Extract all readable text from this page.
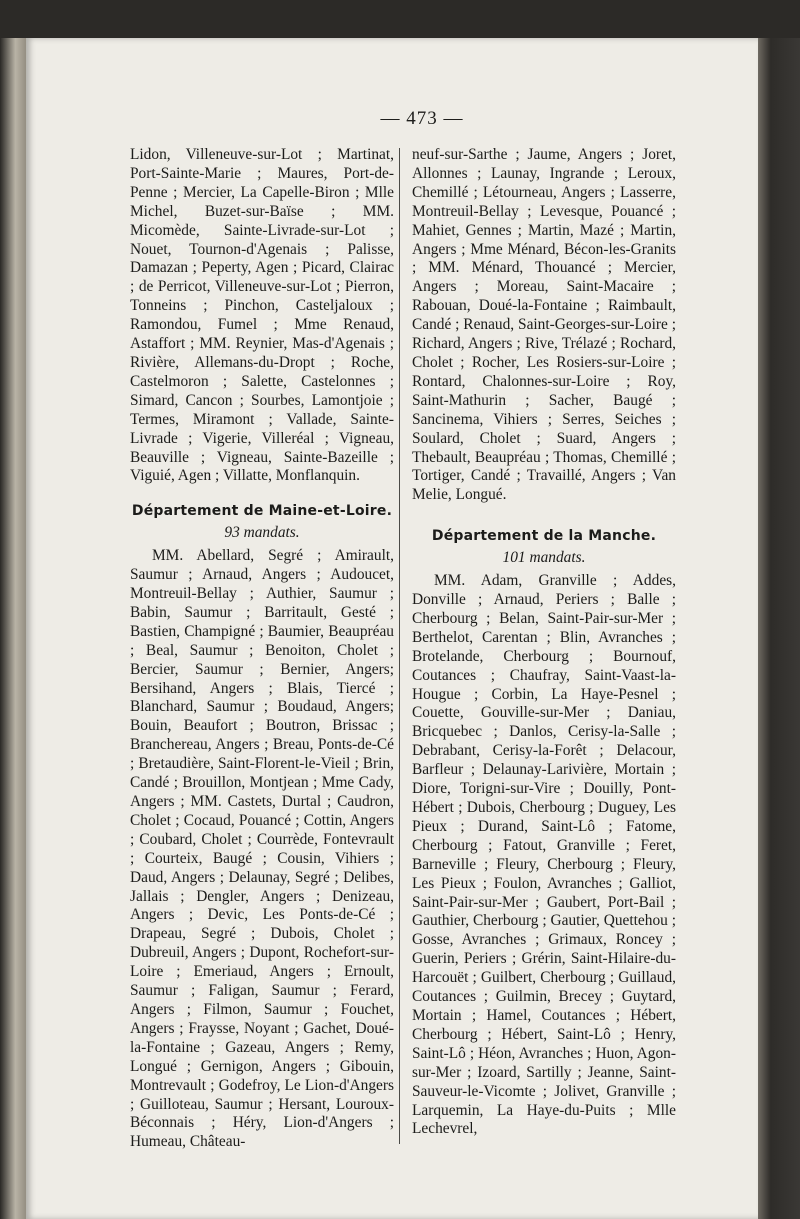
— 473 —

Lidon, Villeneuve-sur-Lot ; Martinat, Port-Sainte-Marie ; Maures, Port-de-Penne ; Mercier, La Capelle-Biron ; Mlle Michel, Buzet-sur-Baïse ; MM. Micomède, Sainte-Livrade-sur-Lot ; Nouet, Tournon-d'Agenais ; Palisse, Damazan ; Peperty, Agen ; Picard, Clairac ; de Perricot, Villeneuve-sur-Lot ; Pierron, Tonneins ; Pinchon, Casteljaloux ; Ramondou, Fumel ; Mme Renaud, Astaffort ; MM. Reynier, Mas-d'Agenais ; Rivière, Allemans-du-Dropt ; Roche, Castelmoron ; Salette, Castelonnes ; Simard, Cancon ; Sourbes, Lamontjoie ; Termes, Miramont ; Vallade, Sainte-Livrade ; Vigerie, Villeréal ; Vigneau, Beauville ; Vigneau, Sainte-Bazeille ; Viguié, Agen ; Villatte, Monflanquin.

Département de Maine-et-Loire.
93 mandats.

MM. Abellard, Segré ; Amirault, Saumur ; Arnaud, Angers ; Audoucet, Montreuil-Bellay ; Authier, Saumur ; Babin, Saumur ; Barritault, Gesté ; Bastien, Champigné ; Baumier, Beaupréau ; Beal, Saumur ; Benoiton, Cholet ; Bercier, Saumur ; Bernier, Angers; Bersihand, Angers ; Blais, Tiercé ; Blanchard, Saumur ; Boudaud, Angers; Bouin, Beaufort ; Boutron, Brissac ; Branchereau, Angers ; Breau, Ponts-de-Cé ; Bretaudière, Saint-Florent-le-Vieil ; Brin, Candé ; Brouillon, Montjean ; Mme Cady, Angers ; MM. Castets, Durtal ; Caudron, Cholet ; Cocaud, Pouancé ; Cottin, Angers ; Coubard, Cholet ; Courrède, Fontevrault ; Courteix, Baugé ; Cousin, Vihiers ; Daud, Angers ; Delaunay, Segré ; Delibes, Jallais ; Dengler, Angers ; Denizeau, Angers ; Devic, Les Ponts-de-Cé ; Drapeau, Segré ; Dubois, Cholet ; Dubreuil, Angers ; Dupont, Rochefort-sur-Loire ; Emeriaud, Angers ; Ernoult, Saumur ; Faligan, Saumur ; Ferard, Angers ; Filmon, Saumur ; Fouchet, Angers ; Fraysse, Noyant ; Gachet, Doué-la-Fontaine ; Gazeau, Angers ; Remy, Longué ; Gernigon, Angers ; Gibouin, Montrevault ; Godefroy, Le Lion-d'Angers ; Guilloteau, Saumur ; Hersant, Louroux-Béconnais ; Héry, Lion-d'Angers ; Humeau, Château-

neuf-sur-Sarthe ; Jaume, Angers ; Joret, Allonnes ; Launay, Ingrande ; Leroux, Chemillé ; Létourneau, Angers ; Lasserre, Montreuil-Bellay ; Levesque, Pouancé ; Mahiet, Gennes ; Martin, Mazé ; Martin, Angers ; Mme Ménard, Bécon-les-Granits ; MM. Ménard, Thouancé ; Mercier, Angers ; Moreau, Saint-Macaire ; Rabouan, Doué-la-Fontaine ; Raimbault, Candé ; Renaud, Saint-Georges-sur-Loire ; Richard, Angers ; Rive, Trélazé ; Rochard, Cholet ; Rocher, Les Rosiers-sur-Loire ; Rontard, Chalonnes-sur-Loire ; Roy, Saint-Mathurin ; Sacher, Baugé ; Sancinema, Vihiers ; Serres, Seiches ; Soulard, Cholet ; Suard, Angers ; Thebault, Beaupréau ; Thomas, Chemillé ; Tortiger, Candé ; Travaillé, Angers ; Van Melie, Longué.

Département de la Manche.
101 mandats.

MM. Adam, Granville ; Addes, Donville ; Arnaud, Periers ; Balle ; Cherbourg ; Belan, Saint-Pair-sur-Mer ; Berthelot, Carentan ; Blin, Avranches ; Brotelande, Cherbourg ; Bournouf, Coutances ; Chaufray, Saint-Vaast-la-Hougue ; Corbin, La Haye-Pesnel ; Couette, Gouville-sur-Mer ; Daniau, Bricquebec ; Danlos, Cerisy-la-Salle ; Debrabant, Cerisy-la-Forêt ; Delacour, Barfleur ; Delaunay-Larivière, Mortain ; Diore, Torigni-sur-Vire ; Douilly, Pont-Hébert ; Dubois, Cherbourg ; Duguey, Les Pieux ; Durand, Saint-Lô ; Fatome, Cherbourg ; Fatout, Granville ; Feret, Barneville ; Fleury, Cherbourg ; Fleury, Les Pieux ; Foulon, Avranches ; Galliot, Saint-Pair-sur-Mer ; Gaubert, Port-Bail ; Gauthier, Cherbourg ; Gautier, Quettehou ; Gosse, Avranches ; Grimaux, Roncey ; Guerin, Periers ; Grérin, Saint-Hilaire-du-Harcouët ; Guilbert, Cherbourg ; Guillaud, Coutances ; Guilmin, Brecey ; Guytard, Mortain ; Hamel, Coutances ; Hébert, Cherbourg ; Hébert, Saint-Lô ; Henry, Saint-Lô ; Héon, Avranches ; Huon, Agon-sur-Mer ; Izoard, Sartilly ; Jeanne, Saint-Sauveur-le-Vicomte ; Jolivet, Granville ; Larquemin, La Haye-du-Puits ; Mlle Lechevrel,
